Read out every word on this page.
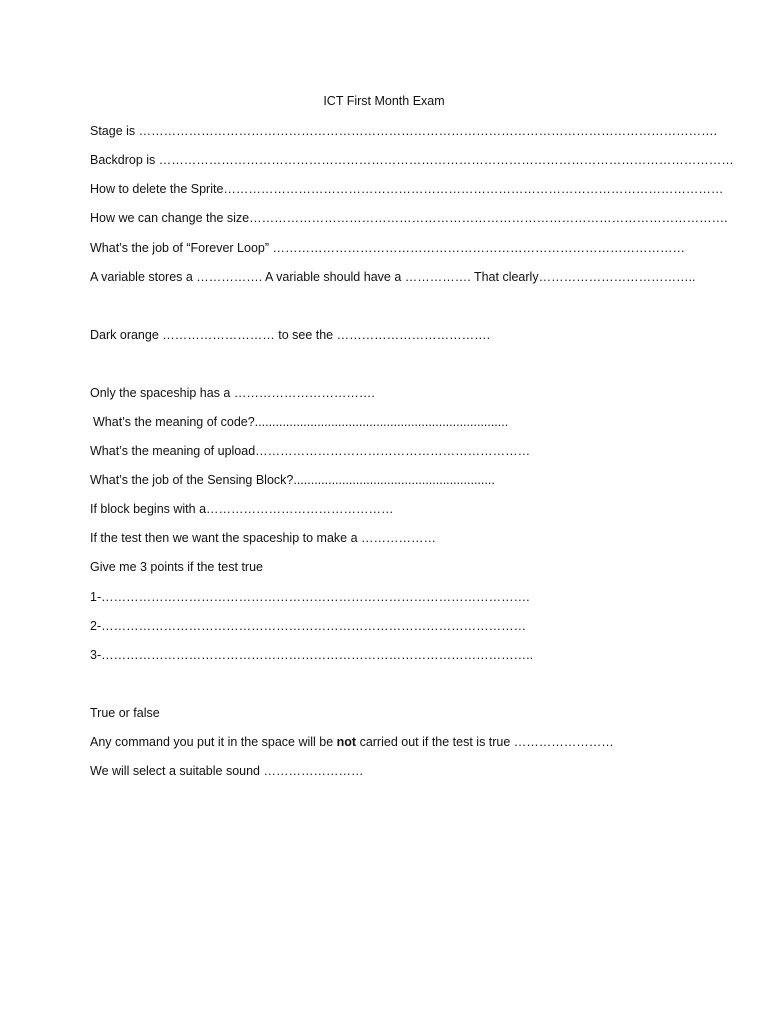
ICT First Month Exam
Stage is ………………………………………………………………………………………………………………………….
Backdrop is …………………………………………………………………………………………………………………………
How to delete the Sprite…………………………………………………………………………………………………………
How we can change the size…………………………………………………………………………………………………….
What’s the job of “Forever Loop” ………………………………………………………………………………………
A variable stores a ……………. A variable should have a ……………. That clearly………………………………..
Dark orange ……………………… to see the ……………………………….
Only the spaceship has a …………………………….
What’s the meaning of code?.........................................................................
What’s the meaning of upload…………………………………………………………
What’s the job of the Sensing Block?..........................................................
If block begins with a………………………………………
If the test then we want the spaceship to make a ………………
Give me 3 points if the test true
1-………………………………………………………………………………………….
2-…………………………………………………………………………………………
3-…………………………………………………………………………………………..
True or false
Any command you put it in the space will be not carried out if the test is true ……………………
We will select a suitable sound ……………………
